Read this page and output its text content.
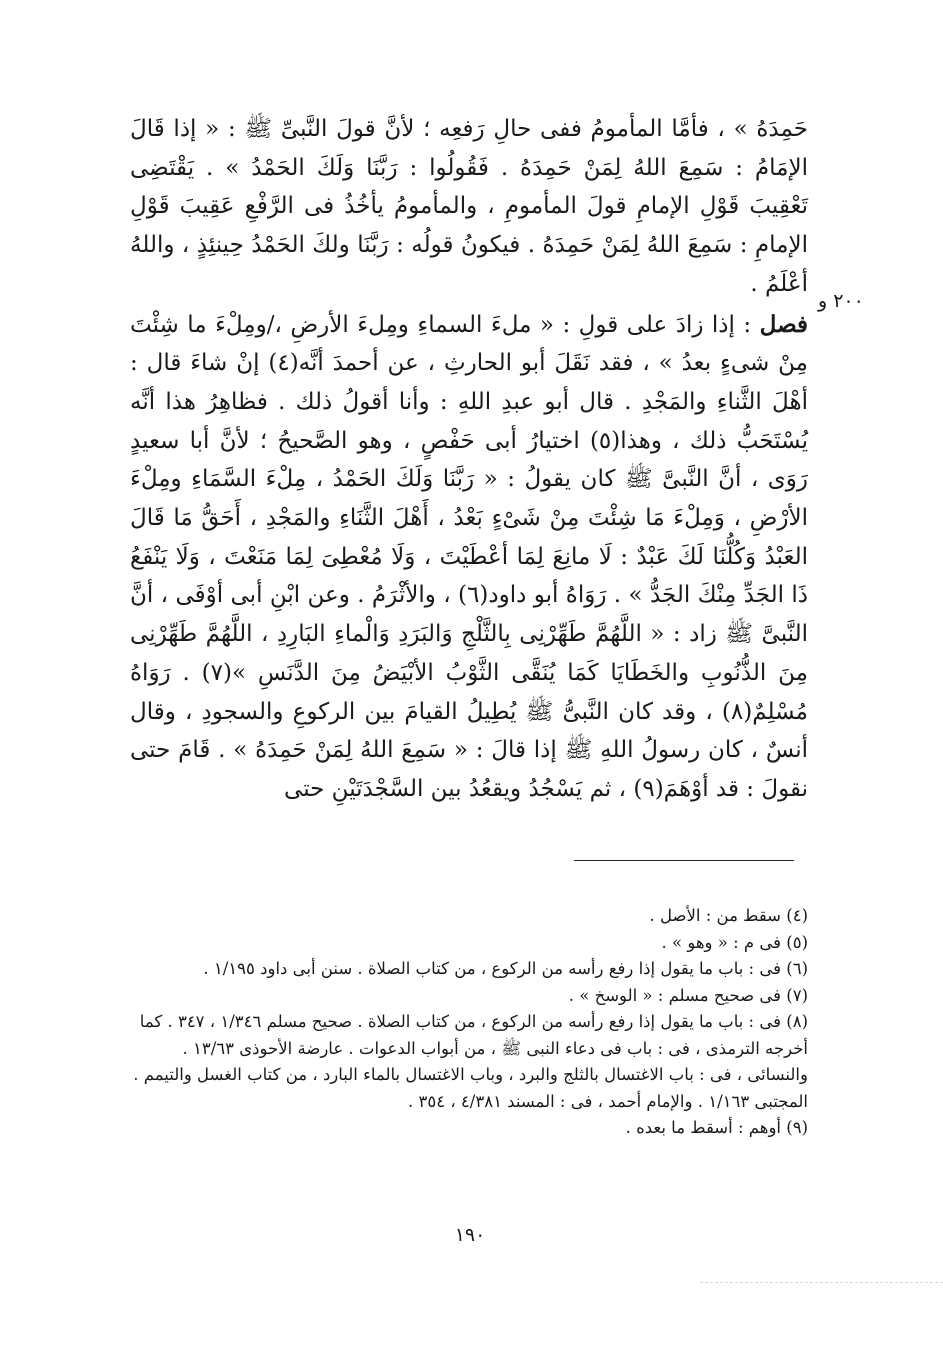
٢٠٠ و

حَمِدَهُ » ، فأمَّا المأمومُ ففى حالِ رَفعِه ؛ لأنَّ قولَ النَّبىِّ ﷺ : « إذا قَالَ الإمَامُ : سَمِعَ اللهُ لِمَنْ حَمِدَهُ . فَقُولُوا : رَبَّنَا وَلَكَ الحَمْدُ » . يَقْتَضِى تَعْقِيبَ قَوْلِ الإمامِ قولَ المأمومِ ، والمأمومُ يأخُذُ فى الرَّفْعِ عَقِيبَ قَوْلِ الإمامِ : سَمِعَ اللهُ لِمَنْ حَمِدَهُ . فيكونُ قولُه : رَبَّنَا ولكَ الحَمْدُ حِينئِذٍ ، واللهُ أعْلَمُ .

فصل : إذا زادَ على قولِ : « ملءَ السماءِ ومِلءَ الأرضِ ،/ومِلْءَ ما شِئْتَ مِنْ شىءٍ بعدُ » ، فقد نَقَلَ أبو الحارثِ ، عن أحمدَ أنَّه(٤) إنْ شاءَ قال : أهْلَ الثَّناءِ والمَجْدِ . قال أبو عبدِ اللهِ : وأنا أقولُ ذلك . فظاهِرُ هذا أنَّه يُسْتَحَبُّ ذلك ، وهذا(٥) اختيارُ أبى حَفْصٍ ، وهو الصَّحيحُ ؛ لأنَّ أبا سعيدٍ رَوَى ، أنَّ النَّبىَّ ﷺ كان يقولُ : « رَبَّنَا وَلَكَ الحَمْدُ ، مِلْءَ السَّمَاءِ ومِلْءَ الأرْضِ ، وَمِلْءَ مَا شِئْتَ مِنْ شَىْءٍ بَعْدُ ، أَهْلَ الثَّنَاءِ والمَجْدِ ، أَحَقُّ مَا قَالَ العَبْدُ وَكُلُّنَا لَكَ عَبْدٌ : لَا مانِعَ لِمَا أعْطَيْتَ ، وَلَا مُعْطِىَ لِمَا مَنَعْتَ ، وَلَا يَنْفَعُ ذَا الجَدِّ مِنْكَ الجَدُّ » . رَوَاهُ أبو داود(٦) ، والأثْرَمُ . وعن ابْنِ أبى أوْفَى ، أنَّ النَّبىَّ ﷺ زاد : « اللَّهُمَّ طَهِّرْنِى بِالثَّلْجِ وَالبَرَدِ وَالْماءِ البَارِدِ ، اللَّهُمَّ طَهِّرْنِى مِنَ الذُّنُوبِ والخَطَايَا كَمَا يُنَقَّى الثَّوْبُ الأبْيَضُ مِنَ الدَّنَسِ »(٧) . رَوَاهُ مُسْلِمٌ(٨) ، وقد كان النَّبىُّ ﷺ يُطِيلُ القيامَ بين الركوعِ والسجودِ ، وقال أنسٌ ، كان رسولُ اللهِ ﷺ إذا قالَ : « سَمِعَ اللهُ لِمَنْ حَمِدَهُ » . قَامَ حتى نقولَ : قد أوْهَمَ(٩) ، ثم يَسْجُدُ ويقعُدُ بين السَّجْدَتَيْنِ حتى

(٤) سقط من : الأصل .

(٥) فى م : « وهو » .

(٦) فى : باب ما يقول إذا رفع رأسه من الركوع ، من كتاب الصلاة . سنن أبى داود ١/١٩٥ .

(٧) فى صحيح مسلم : « الوسخ » .

(٨) فى : باب ما يقول إذا رفع رأسه من الركوع ، من كتاب الصلاة . صحيح مسلم ١/٣٤٦ ، ٣٤٧ . كما أخرجه الترمذى ، فى : باب فى دعاء النبى ﷺ ، من أبواب الدعوات . عارضة الأحوذى ١٣/٦٣ . والنسائى ، فى : باب الاغتسال بالثلج والبرد ، وباب الاغتسال بالماء البارد ، من كتاب الغسل والتيمم . المجتبى ١/١٦٣ . والإمام أحمد ، فى : المسند ٤/٣٨١ ، ٣٥٤ .

(٩) أوهم : أسقط ما بعده .

١٩٠
